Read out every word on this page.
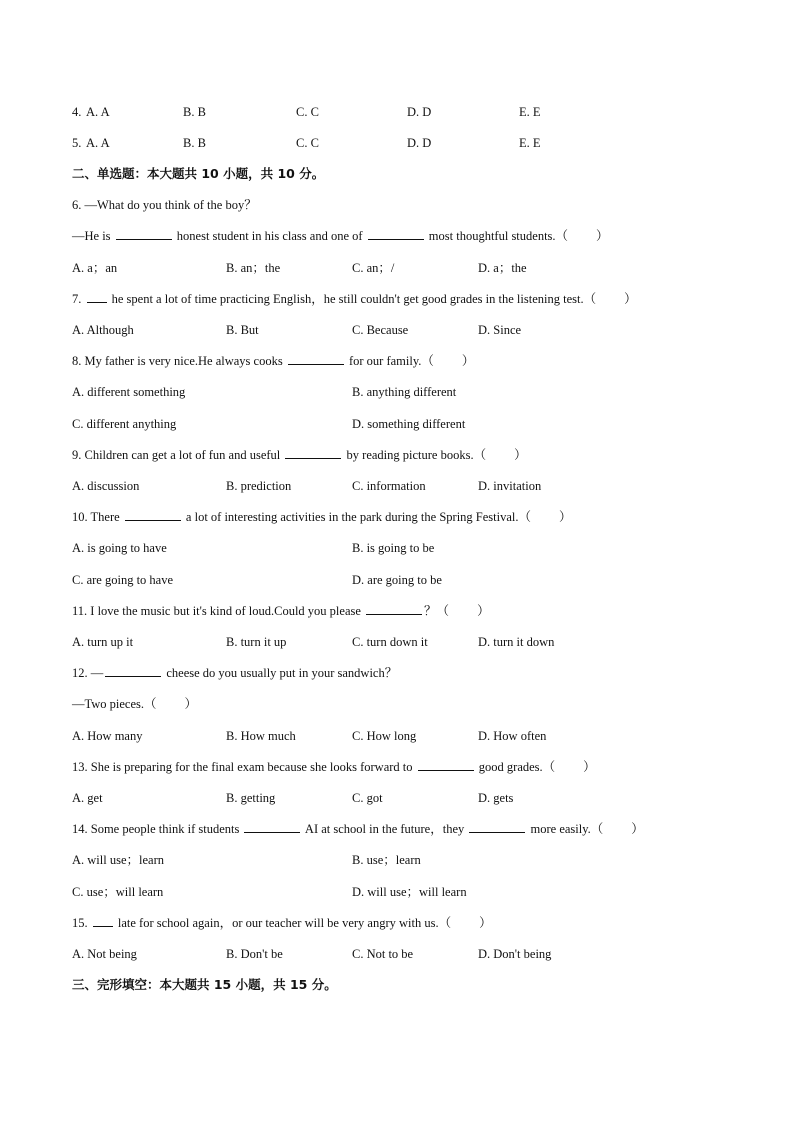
4. A. A	B. B	C. C	D. D	E. E
5. A. A	B. B	C. C	D. D	E. E
二、单选题：本大题共 10 小题，共 10 分。
6. —What do you think of the boy？
—He is	honest student in his class and one of	most thoughtful students.（ ）
A. a；an	B. an；the	C. an；/	D. a；the
7. he spent a lot of time practicing English，he still couldn't get good grades in the listening test.（ ）
A. Although	B. But	C. Because	D. Since
8. My father is very nice.He always cooks	for our family.（ ）
A. different something	B. anything different
C. different anything	D. something different
9. Children can get a lot of fun and useful	by reading picture books.（ ）
A. discussion	B. prediction	C. information	D. invitation
10. There	a lot of interesting activities in the park during the Spring Festival.（ ）
A. is going to have	B. is going to be
C. are going to have	D. are going to be
11. I love the music but it's kind of loud.Could you please	？（ ）
A. turn up it	B. turn it up	C. turn down it	D. turn it down
12. —	cheese do you usually put in your sandwich？
—Two pieces.（ ）
A. How many	B. How much	C. How long	D. How often
13. She is preparing for the final exam because she looks forward to	good grades.（ ）
A. get	B. getting	C. got	D. gets
14. Some people think if students	AI at school in the future，they	more easily.（ ）
A. will use；learn	B. use；learn
C. use；will learn	D. will use；will learn
15. late for school again，or our teacher will be very angry with us.（ ）
A. Not being	B. Don't be	C. Not to be	D. Don't being
三、完形填空：本大题共 15 小题，共 15 分。
